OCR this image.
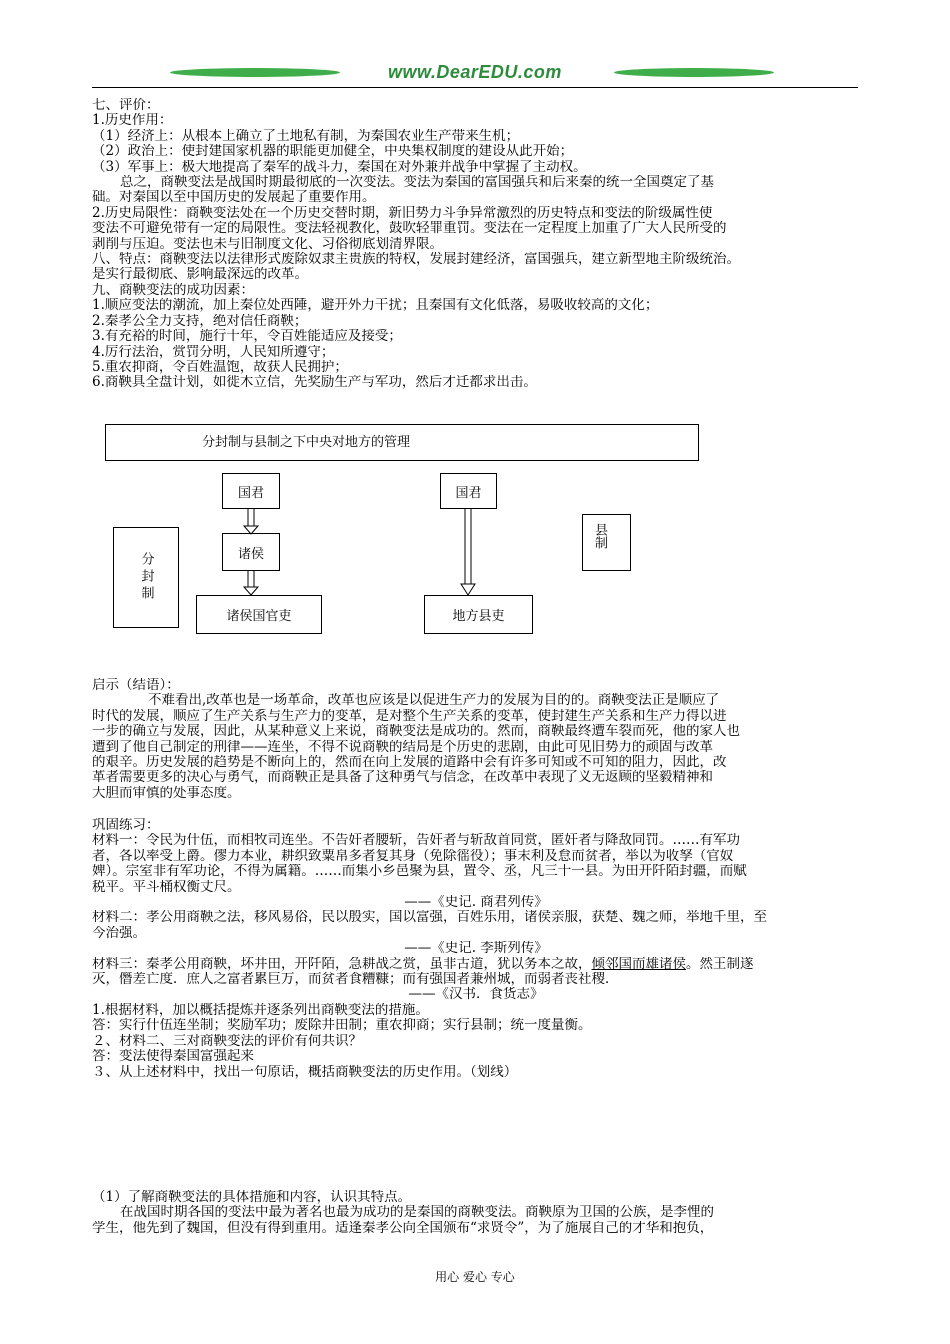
www.DearEDU.com

七、评价：

1.历史作用：

（1）经济上：从根本上确立了土地私有制，为秦国农业生产带来生机；

（2）政治上：使封建国家机器的职能更加健全，中央集权制度的建设从此开始；

（3）军事上：极大地提高了秦军的战斗力，秦国在对外兼并战争中掌握了主动权。

总之，商鞅变法是战国时期最彻底的一次变法。变法为秦国的富国强兵和后来秦的统一全国奠定了基

础。对秦国以至中国历史的发展起了重要作用。

2.历史局限性：商鞅变法处在一个历史交替时期，新旧势力斗争异常激烈的历史特点和变法的阶级属性使

变法不可避免带有一定的局限性。变法轻视教化，鼓吹轻罪重罚。变法在一定程度上加重了广大人民所受的

剥削与压迫。变法也未与旧制度文化、习俗彻底划清界限。

八、特点：商鞅变法以法律形式废除奴隶主贵族的特权，发展封建经济，富国强兵，建立新型地主阶级统治。

是实行最彻底、影响最深远的改革。

九、商鞅变法的成功因素：

1.顺应变法的潮流，加上秦位处西陲，避开外力干扰；且秦国有文化低落，易吸收较高的文化；

2.秦孝公全力支持，绝对信任商鞅；

3.有充裕的时间，施行十年，令百姓能适应及接受；

4.厉行法治，赏罚分明，人民知所遵守；

5.重农抑商，令百姓温饱，故获人民拥护；

6.商鞅具全盘计划，如徙木立信，先奖励生产与军功，然后才迁都求出击。

分封制与县制之下中央对地方的管理
分封制
国君
诸侯
诸侯国官吏
国君
地方县吏
县制

启示（结语）：

不难看出,改革也是一场革命，改革也应该是以促进生产力的发展为目的的。商鞅变法正是顺应了

时代的发展，顺应了生产关系与生产力的变革，是对整个生产关系的变革，使封建生产关系和生产力得以进

一步的确立与发展，因此，从某种意义上来说，商鞅变法是成功的。然而，商鞅最终遭车裂而死，他的家人也

遭到了他自己制定的刑律——连坐，不得不说商鞅的结局是个历史的悲剧，由此可见旧势力的顽固与改革

的艰辛。历史发展的趋势是不断向上的，然而在向上发展的道路中会有许多可知或不可知的阻力，因此，改

革者需要更多的决心与勇气，而商鞅正是具备了这种勇气与信念，在改革中表现了义无返顾的坚毅精神和

大胆而审慎的处事态度。

巩固练习：

材料一：令民为什伍，而相牧司连坐。不告奸者腰斩，告奸者与斩敌首同赏，匿奸者与降敌同罚。……有军功

者，各以率受上爵。僇力本业，耕织致粟帛多者复其身（免除徭役）；事末利及怠而贫者，举以为收孥（官奴

婢）。宗室非有军功论，不得为属籍。……而集小乡邑聚为县，置令、丞，凡三十一县。为田开阡陌封疆，而赋

税平。平斗桶权衡丈尺。

——《史记. 商君列传》

材料二：孝公用商鞅之法，移风易俗，民以殷实，国以富强，百姓乐用，诸侯亲服，获楚、魏之师，举地千里，至

今治强。

——《史记. 李斯列传》

材料三：秦孝公用商鞅，坏井田，开阡陌，急耕战之赏，虽非古道，犹以务本之故，倾邻国而雄诸侯。然王制遂

灭，僭差亡度．庶人之富者累巨万，而贫者食糟糠；而有强国者兼州城，而弱者丧社稷．

——《汉书．食货志》

1.根据材料，加以概括提炼并逐条列出商鞅变法的措施。

答：实行什伍连坐制；奖励军功；废除井田制；重农抑商；实行县制；统一度量衡。

２、材料二、三对商鞅变法的评价有何共识？

答：变法使得秦国富强起来

３、从上述材料中，找出一句原话，概括商鞅变法的历史作用。（划线）

（1）了解商鞅变法的具体措施和内容，认识其特点。

在战国时期各国的变法中最为著名也最为成功的是秦国的商鞅变法。商鞅原为卫国的公族，是李悝的

学生，他先到了魏国，但没有得到重用。适逢秦孝公向全国颁布“求贤令”，为了施展自己的才华和抱负，

用心 爱心 专心
